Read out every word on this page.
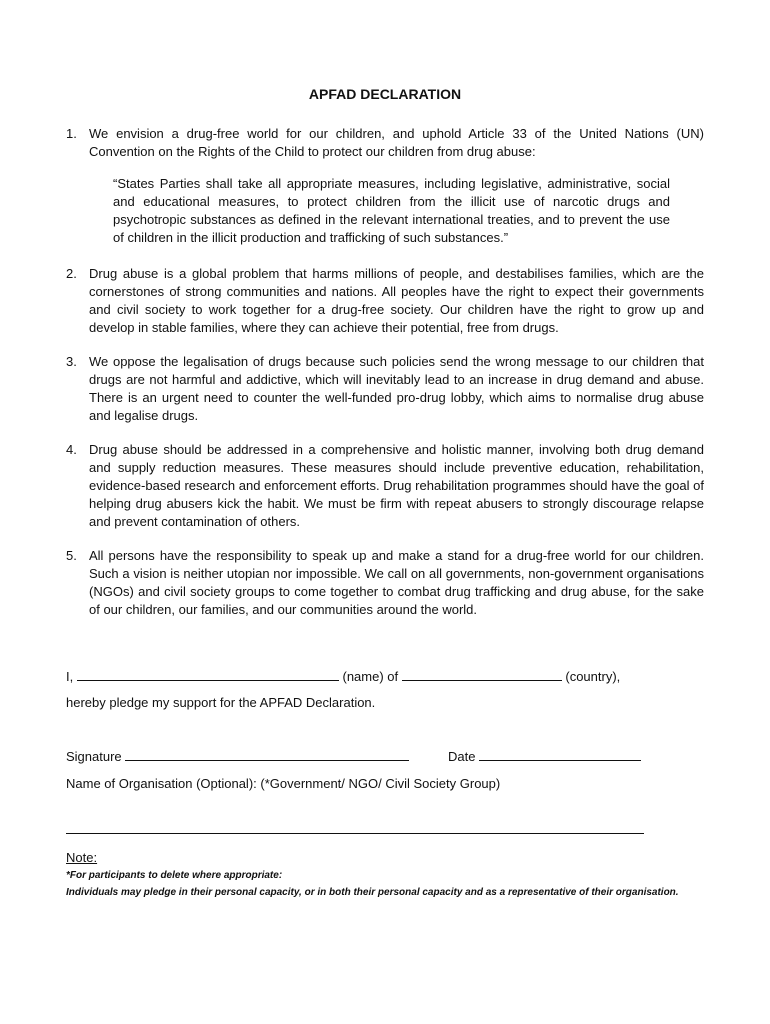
APFAD DECLARATION
1. We envision a drug-free world for our children, and uphold Article 33 of the United Nations (UN) Convention on the Rights of the Child to protect our children from drug abuse:
“States Parties shall take all appropriate measures, including legislative, administrative, social and educational measures, to protect children from the illicit use of narcotic drugs and psychotropic substances as defined in the relevant international treaties, and to prevent the use of children in the illicit production and trafficking of such substances.”
2. Drug abuse is a global problem that harms millions of people, and destabilises families, which are the cornerstones of strong communities and nations. All peoples have the right to expect their governments and civil society to work together for a drug-free society. Our children have the right to grow up and develop in stable families, where they can achieve their potential, free from drugs.
3. We oppose the legalisation of drugs because such policies send the wrong message to our children that drugs are not harmful and addictive, which will inevitably lead to an increase in drug demand and abuse. There is an urgent need to counter the well-funded pro-drug lobby, which aims to normalise drug abuse and legalise drugs.
4. Drug abuse should be addressed in a comprehensive and holistic manner, involving both drug demand and supply reduction measures. These measures should include preventive education, rehabilitation, evidence-based research and enforcement efforts. Drug rehabilitation programmes should have the goal of helping drug abusers kick the habit. We must be firm with repeat abusers to strongly discourage relapse and prevent contamination of others.
5. All persons have the responsibility to speak up and make a stand for a drug-free world for our children. Such a vision is neither utopian nor impossible. We call on all governments, non-government organisations (NGOs) and civil society groups to come together to combat drug trafficking and drug abuse, for the sake of our children, our families, and our communities around the world.
I,	(name) of	(country),
hereby pledge my support for the APFAD Declaration.
Signature	Date
Name of Organisation (Optional): (*Government/ NGO/ Civil Society Group)
Note:
*For participants to delete where appropriate:
Individuals may pledge in their personal capacity, or in both their personal capacity and as a representative of their organisation.
